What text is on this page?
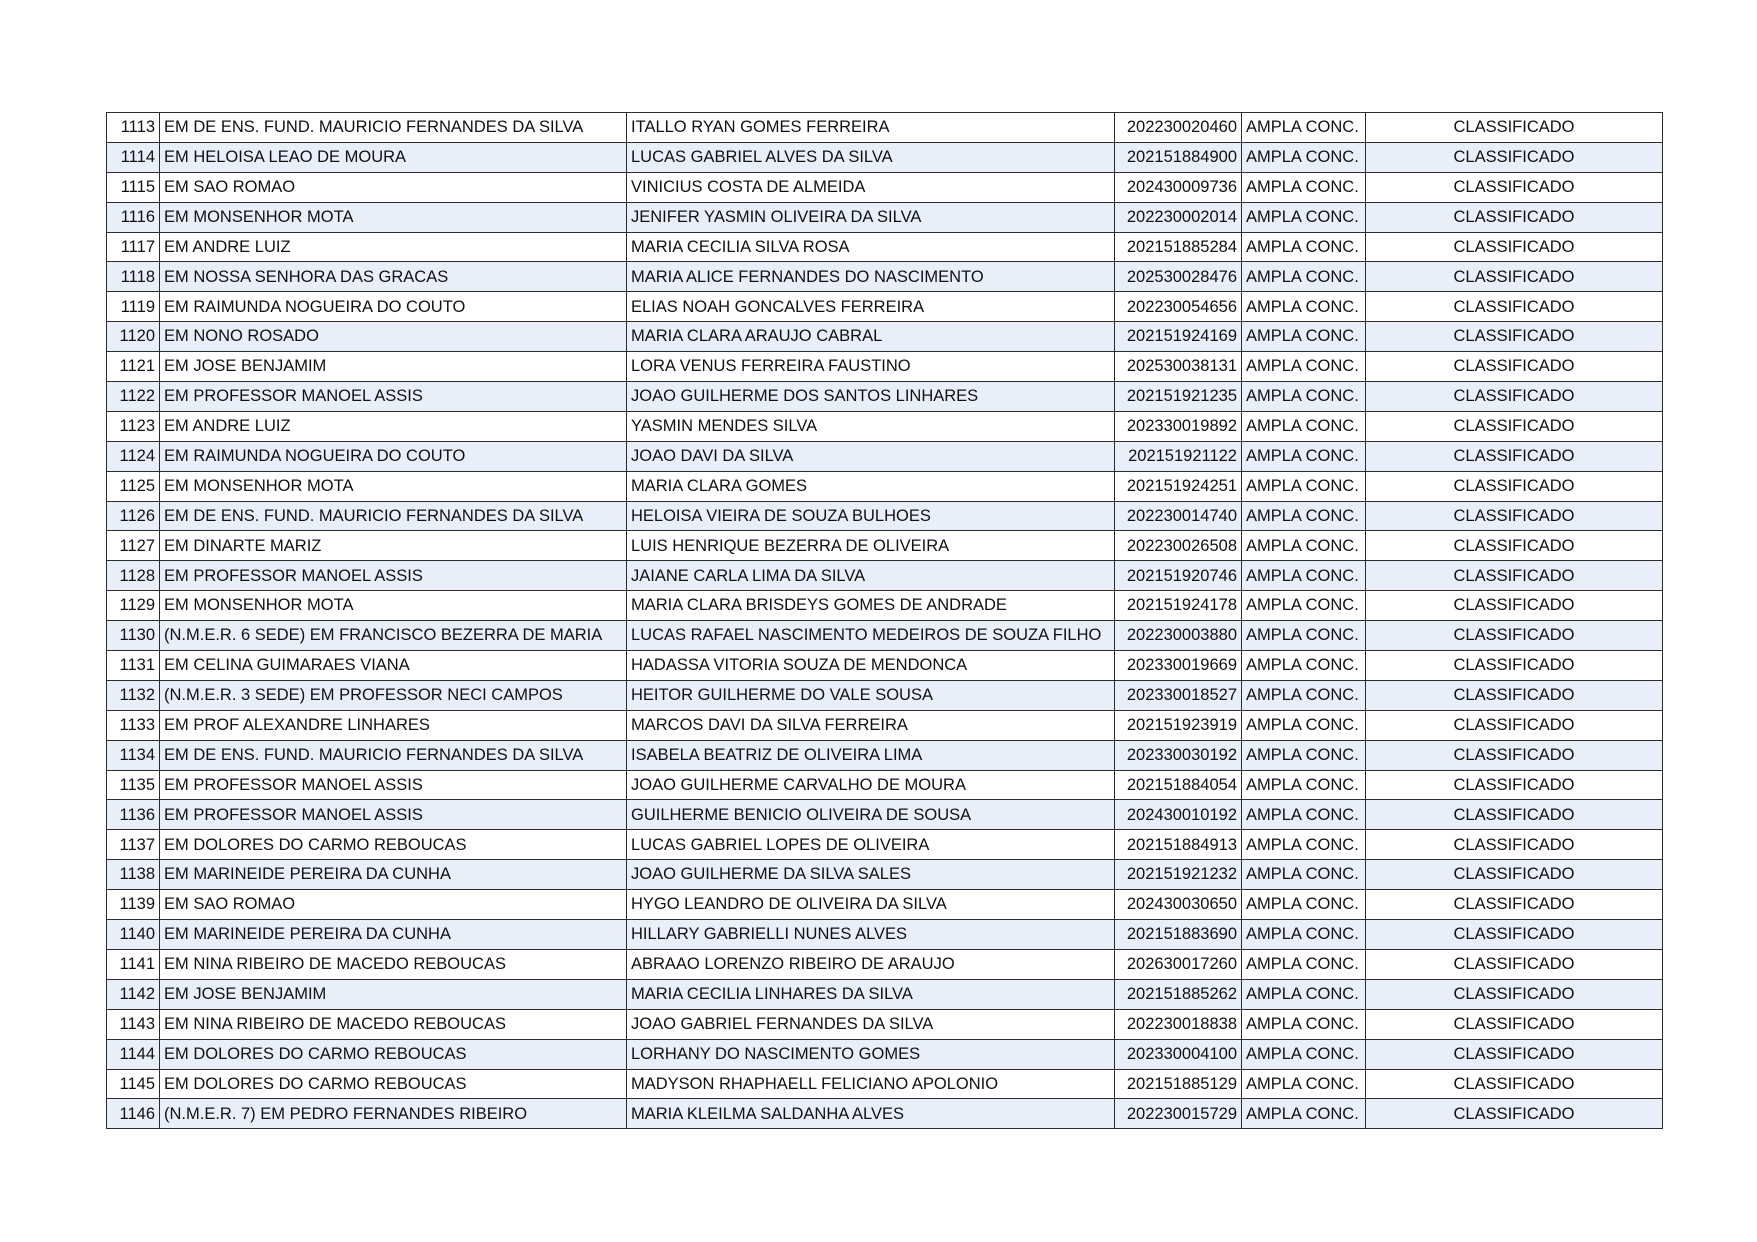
1113	EM DE ENS. FUND. MAURICIO FERNANDES DA SILVA	ITALLO RYAN GOMES FERREIRA	202230020460	AMPLA CONC.	CLASSIFICADO
1114	EM HELOISA LEAO DE MOURA	LUCAS GABRIEL ALVES DA SILVA	202151884900	AMPLA CONC.	CLASSIFICADO
1115	EM SAO ROMAO	VINICIUS COSTA DE ALMEIDA	202430009736	AMPLA CONC.	CLASSIFICADO
1116	EM MONSENHOR MOTA	JENIFER YASMIN OLIVEIRA DA SILVA	202230002014	AMPLA CONC.	CLASSIFICADO
1117	EM ANDRE LUIZ	MARIA CECILIA SILVA ROSA	202151885284	AMPLA CONC.	CLASSIFICADO
1118	EM NOSSA SENHORA DAS GRACAS	MARIA ALICE FERNANDES DO NASCIMENTO	202530028476	AMPLA CONC.	CLASSIFICADO
1119	EM RAIMUNDA NOGUEIRA DO COUTO	ELIAS NOAH GONCALVES FERREIRA	202230054656	AMPLA CONC.	CLASSIFICADO
1120	EM NONO ROSADO	MARIA CLARA ARAUJO CABRAL	202151924169	AMPLA CONC.	CLASSIFICADO
1121	EM JOSE BENJAMIM	LORA VENUS FERREIRA FAUSTINO	202530038131	AMPLA CONC.	CLASSIFICADO
1122	EM PROFESSOR MANOEL ASSIS	JOAO GUILHERME DOS SANTOS LINHARES	202151921235	AMPLA CONC.	CLASSIFICADO
1123	EM ANDRE LUIZ	YASMIN MENDES SILVA	202330019892	AMPLA CONC.	CLASSIFICADO
1124	EM RAIMUNDA NOGUEIRA DO COUTO	JOAO DAVI DA SILVA	202151921122	AMPLA CONC.	CLASSIFICADO
1125	EM MONSENHOR MOTA	MARIA CLARA GOMES	202151924251	AMPLA CONC.	CLASSIFICADO
1126	EM DE ENS. FUND. MAURICIO FERNANDES DA SILVA	HELOISA VIEIRA DE SOUZA BULHOES	202230014740	AMPLA CONC.	CLASSIFICADO
1127	EM DINARTE MARIZ	LUIS HENRIQUE BEZERRA DE OLIVEIRA	202230026508	AMPLA CONC.	CLASSIFICADO
1128	EM PROFESSOR MANOEL ASSIS	JAIANE CARLA LIMA DA SILVA	202151920746	AMPLA CONC.	CLASSIFICADO
1129	EM MONSENHOR MOTA	MARIA CLARA BRISDEYS GOMES DE ANDRADE	202151924178	AMPLA CONC.	CLASSIFICADO
1130	(N.M.E.R. 6 SEDE) EM FRANCISCO BEZERRA DE MARIA	LUCAS RAFAEL NASCIMENTO MEDEIROS DE SOUZA FILHO	202230003880	AMPLA CONC.	CLASSIFICADO
1131	EM CELINA GUIMARAES VIANA	HADASSA VITORIA SOUZA DE MENDONCA	202330019669	AMPLA CONC.	CLASSIFICADO
1132	(N.M.E.R. 3 SEDE) EM PROFESSOR NECI CAMPOS	HEITOR GUILHERME DO VALE SOUSA	202330018527	AMPLA CONC.	CLASSIFICADO
1133	EM PROF ALEXANDRE LINHARES	MARCOS DAVI DA SILVA FERREIRA	202151923919	AMPLA CONC.	CLASSIFICADO
1134	EM DE ENS. FUND. MAURICIO FERNANDES DA SILVA	ISABELA BEATRIZ DE OLIVEIRA LIMA	202330030192	AMPLA CONC.	CLASSIFICADO
1135	EM PROFESSOR MANOEL ASSIS	JOAO GUILHERME CARVALHO DE MOURA	202151884054	AMPLA CONC.	CLASSIFICADO
1136	EM PROFESSOR MANOEL ASSIS	GUILHERME BENICIO OLIVEIRA DE SOUSA	202430010192	AMPLA CONC.	CLASSIFICADO
1137	EM DOLORES DO CARMO REBOUCAS	LUCAS GABRIEL LOPES DE OLIVEIRA	202151884913	AMPLA CONC.	CLASSIFICADO
1138	EM MARINEIDE PEREIRA DA CUNHA	JOAO GUILHERME DA SILVA SALES	202151921232	AMPLA CONC.	CLASSIFICADO
1139	EM SAO ROMAO	HYGO LEANDRO DE OLIVEIRA DA SILVA	202430030650	AMPLA CONC.	CLASSIFICADO
1140	EM MARINEIDE PEREIRA DA CUNHA	HILLARY GABRIELLI NUNES ALVES	202151883690	AMPLA CONC.	CLASSIFICADO
1141	EM NINA RIBEIRO DE MACEDO REBOUCAS	ABRAAO LORENZO RIBEIRO DE ARAUJO	202630017260	AMPLA CONC.	CLASSIFICADO
1142	EM JOSE BENJAMIM	MARIA CECILIA LINHARES DA SILVA	202151885262	AMPLA CONC.	CLASSIFICADO
1143	EM NINA RIBEIRO DE MACEDO REBOUCAS	JOAO GABRIEL FERNANDES DA SILVA	202230018838	AMPLA CONC.	CLASSIFICADO
1144	EM DOLORES DO CARMO REBOUCAS	LORHANY DO NASCIMENTO GOMES	202330004100	AMPLA CONC.	CLASSIFICADO
1145	EM DOLORES DO CARMO REBOUCAS	MADYSON RHAPHAELL FELICIANO APOLONIO	202151885129	AMPLA CONC.	CLASSIFICADO
1146	(N.M.E.R. 7) EM PEDRO FERNANDES RIBEIRO	MARIA KLEILMA SALDANHA ALVES	202230015729	AMPLA CONC.	CLASSIFICADO
